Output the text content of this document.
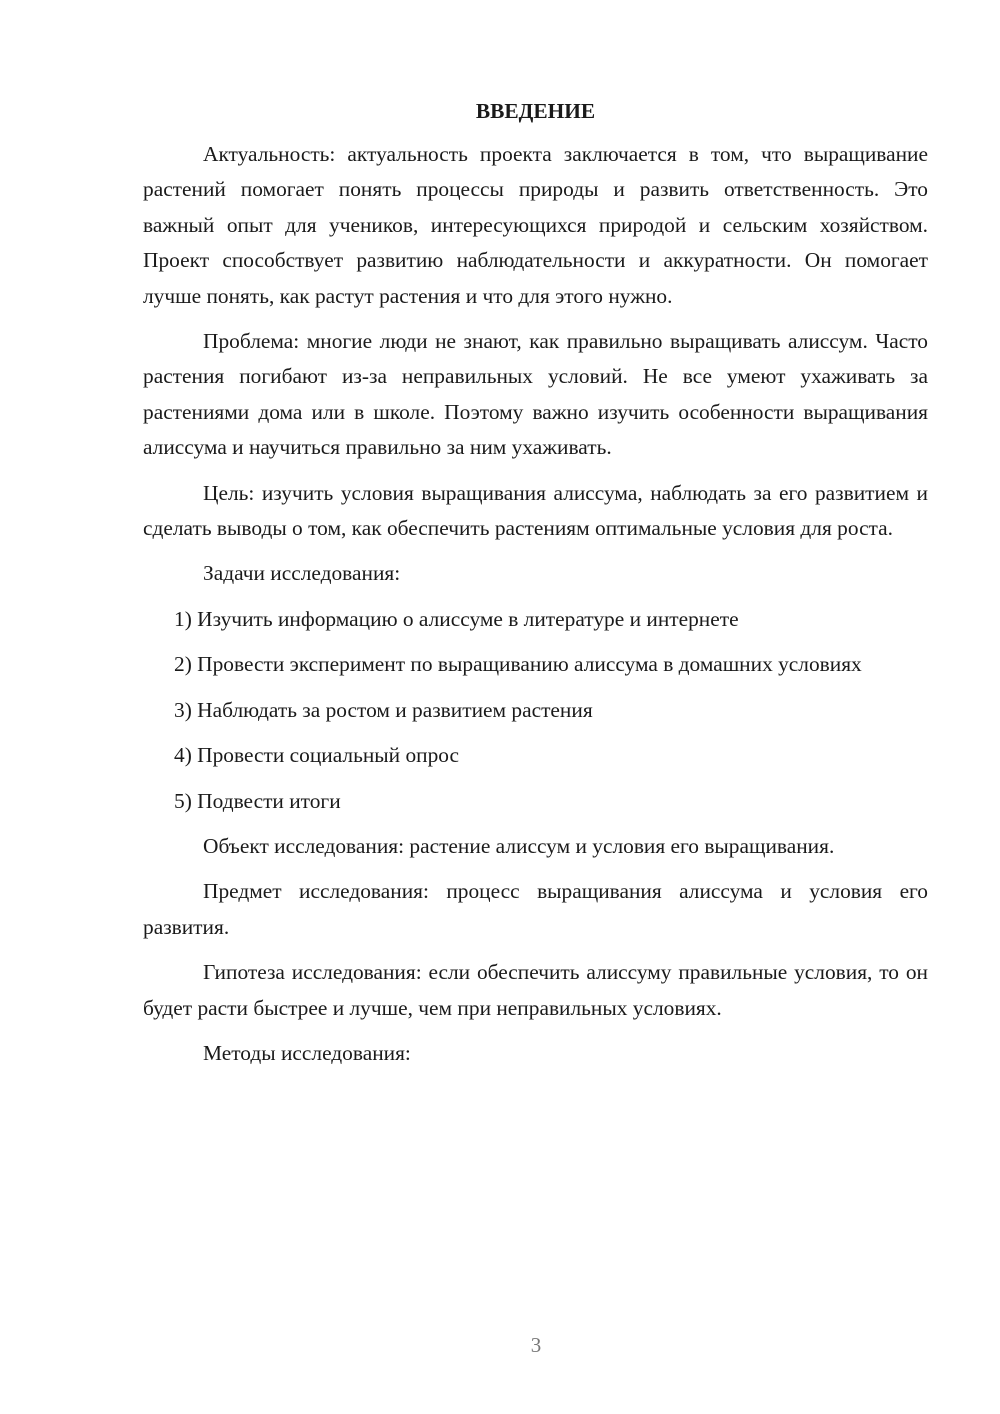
ВВЕДЕНИЕ

Актуальность: актуальность проекта заключается в том, что выращивание растений помогает понять процессы природы и развить ответственность. Это важный опыт для учеников, интересующихся природой и сельским хозяйством. Проект способствует развитию наблюдательности и аккуратности. Он помогает лучше понять, как растут растения и что для этого нужно.

Проблема: многие люди не знают, как правильно выращивать алиссум. Часто растения погибают из-за неправильных условий. Не все умеют ухаживать за растениями дома или в школе. Поэтому важно изучить особенности выращивания алиссума и научиться правильно за ним ухаживать.

Цель: изучить условия выращивания алиссума, наблюдать за его развитием и сделать выводы о том, как обеспечить растениям оптимальные условия для роста.

Задачи исследования:

1) Изучить информацию о алиссуме в литературе и интернете

2) Провести эксперимент по выращиванию алиссума в домашних условиях

3) Наблюдать за ростом и развитием растения

4) Провести социальный опрос

5) Подвести итоги

Объект исследования: растение алиссум и условия его выращивания.

Предмет исследования: процесс выращивания алиссума и условия его развития.

Гипотеза исследования: если обеспечить алиссуму правильные условия, то он будет расти быстрее и лучше, чем при неправильных условиях.

Методы исследования:

3
